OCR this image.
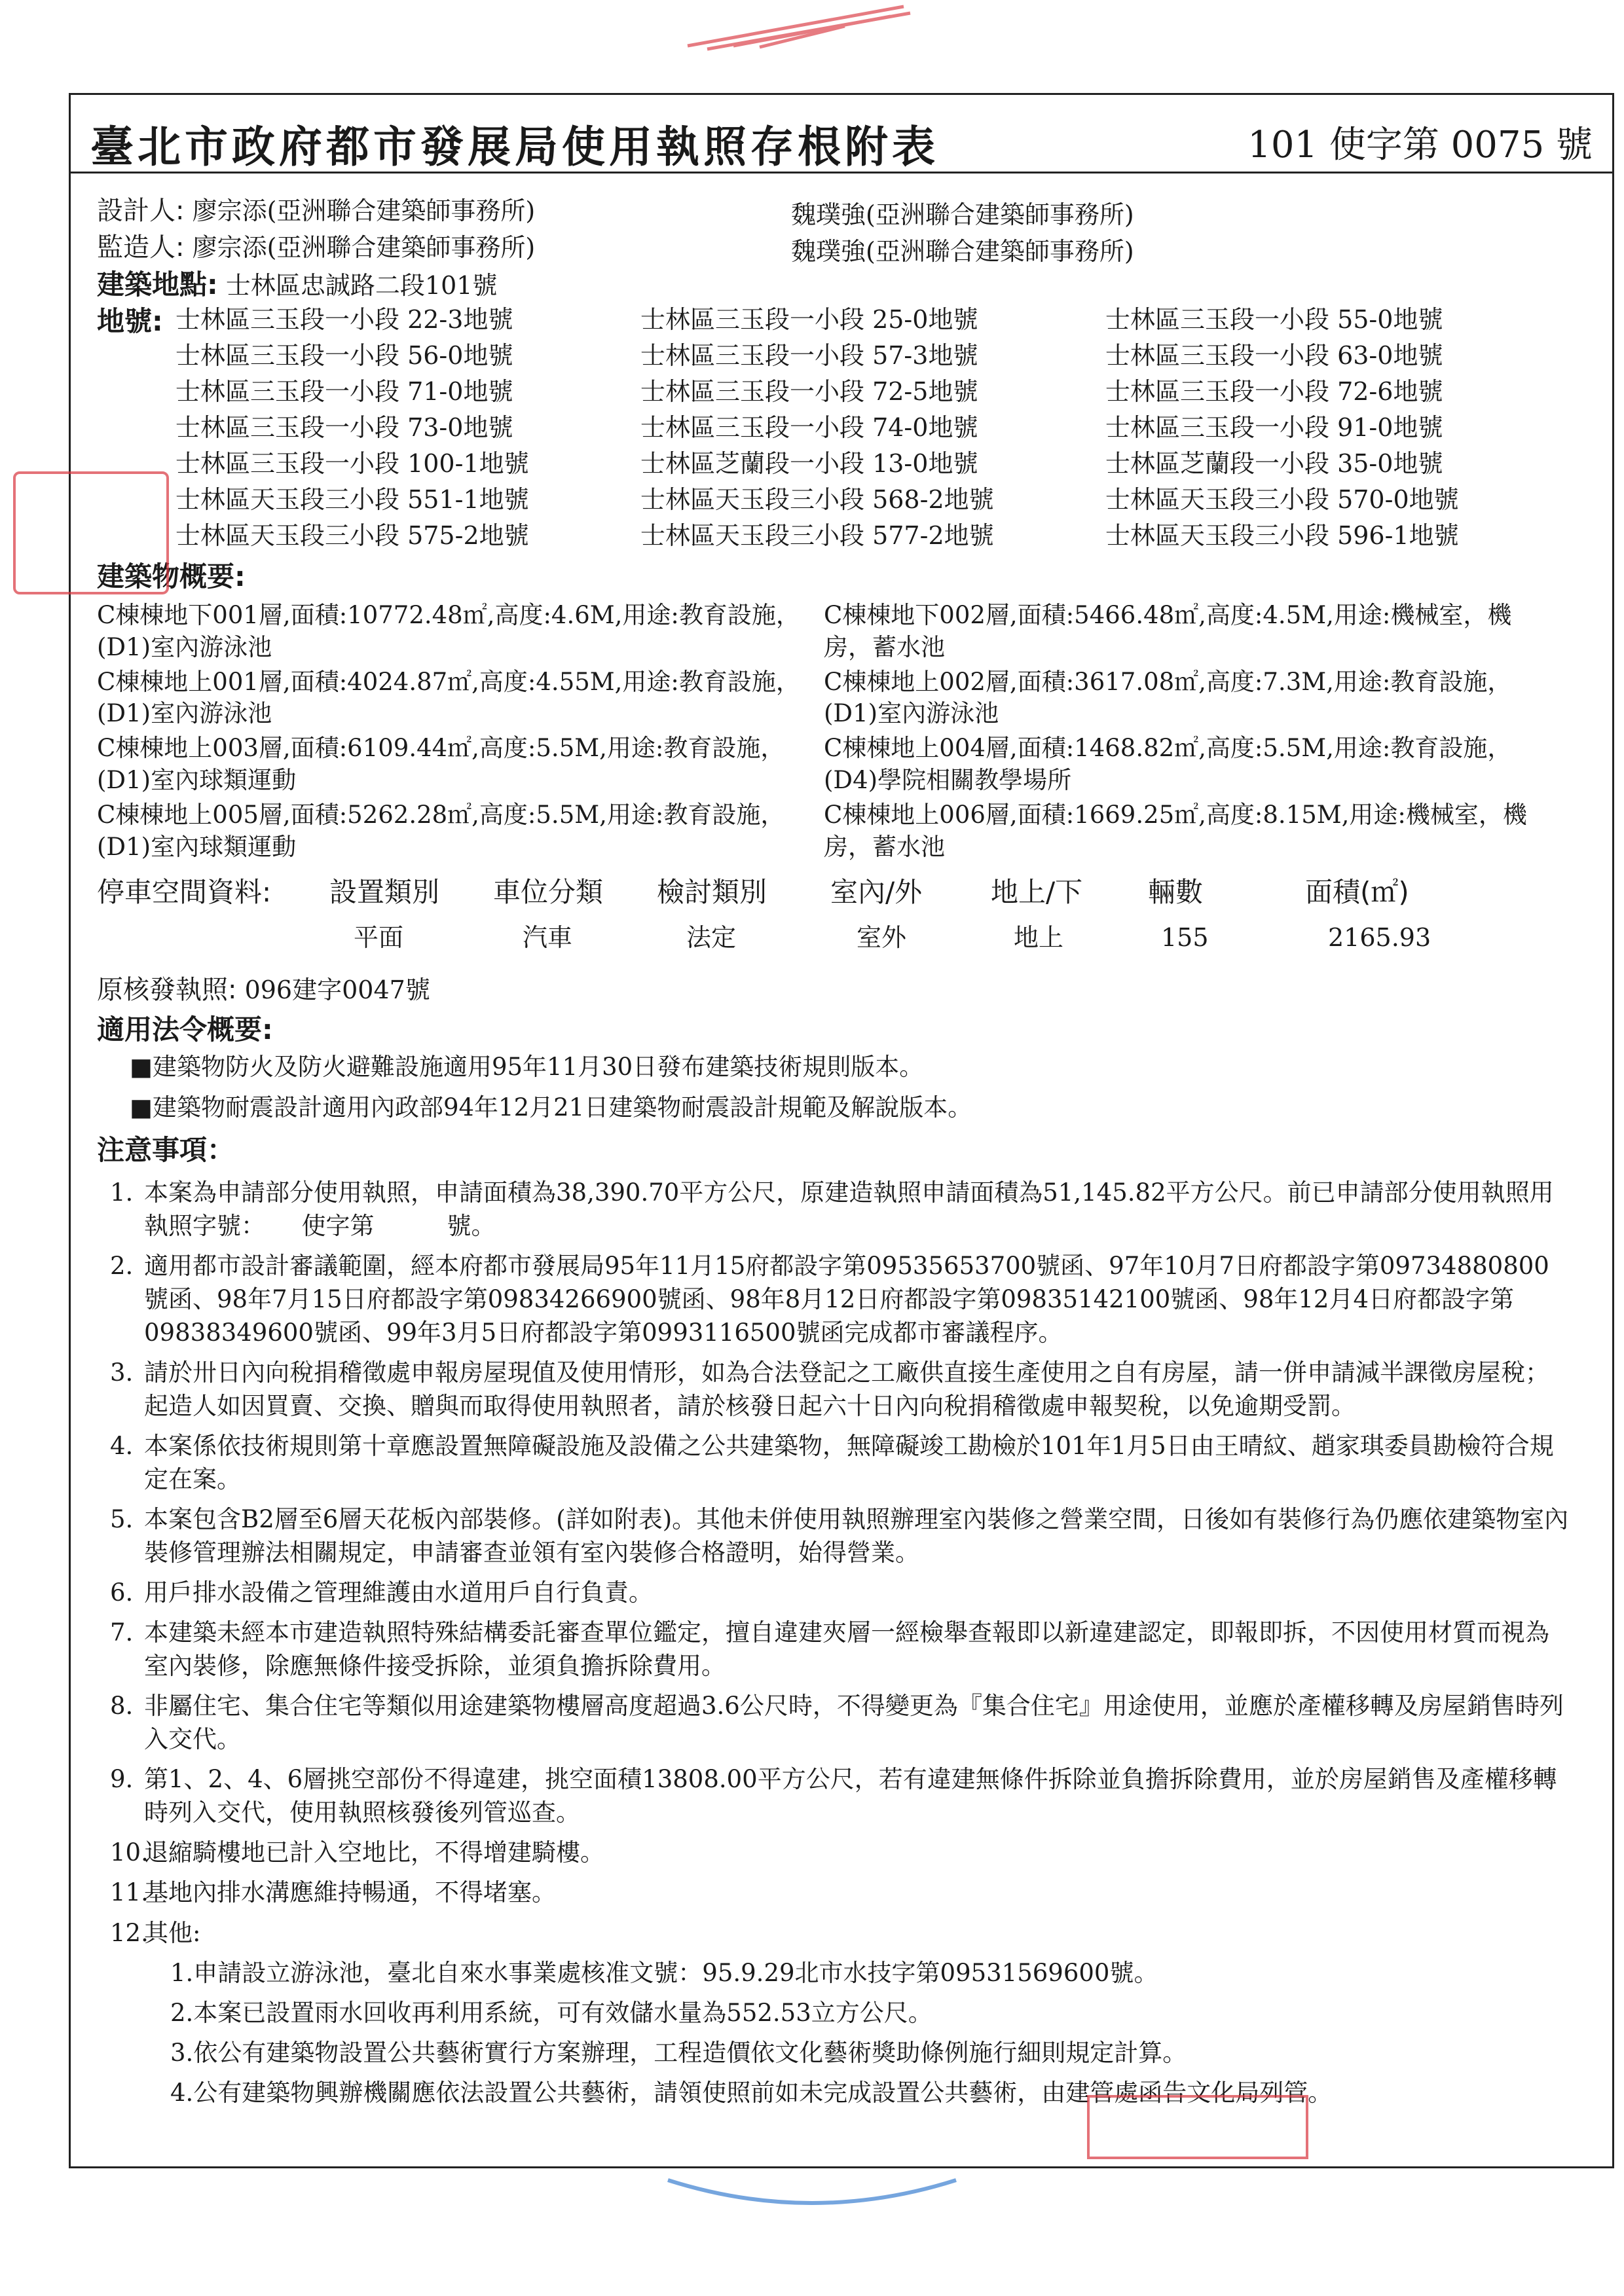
臺北市政府都市發展局使用執照存根附表	101 使字第 0075 號
設計人: 廖宗添(亞洲聯合建築師事務所)	魏璞強(亞洲聯合建築師事務所)
監造人: 廖宗添(亞洲聯合建築師事務所)	魏璞強(亞洲聯合建築師事務所)
建築地點: 士林區忠誠路二段101號
地號: 士林區三玉段一小段 22-3地號	士林區三玉段一小段 25-0地號	士林區三玉段一小段 55-0地號
士林區三玉段一小段 56-0地號	士林區三玉段一小段 57-3地號	士林區三玉段一小段 63-0地號
士林區三玉段一小段 71-0地號	士林區三玉段一小段 72-5地號	士林區三玉段一小段 72-6地號
士林區三玉段一小段 73-0地號	士林區三玉段一小段 74-0地號	士林區三玉段一小段 91-0地號
士林區三玉段一小段 100-1地號	士林區芝蘭段一小段 13-0地號	士林區芝蘭段一小段 35-0地號
士林區天玉段三小段 551-1地號	士林區天玉段三小段 568-2地號	士林區天玉段三小段 570-0地號
士林區天玉段三小段 575-2地號	士林區天玉段三小段 577-2地號	士林區天玉段三小段 596-1地號
建築物概要:
C棟棟地下001層,面積:10772.48㎡,高度:4.6M,用途:教育設施，(D1)室內游泳池
C棟棟地下002層,面積:5466.48㎡,高度:4.5M,用途:機械室，機房，蓄水池
C棟棟地上001層,面積:4024.87㎡,高度:4.55M,用途:教育設施，(D1)室內游泳池
C棟棟地上002層,面積:3617.08㎡,高度:7.3M,用途:教育設施，(D1)室內游泳池
C棟棟地上003層,面積:6109.44㎡,高度:5.5M,用途:教育設施，(D1)室內球類運動
C棟棟地上004層,面積:1468.82㎡,高度:5.5M,用途:教育設施，(D4)學院相關教學場所
C棟棟地上005層,面積:5262.28㎡,高度:5.5M,用途:教育設施，(D1)室內球類運動
C棟棟地上006層,面積:1669.25㎡,高度:8.15M,用途:機械室，機房，蓄水池
停車空間資料: 設置類別 車位分類 檢討類別 室內/外 地上/下 輛數	面積(㎡)
平面	汽車	法定	室外	地上	155	2165.93
原核發執照: 096建字0047號
適用法令概要:
■建築物防火及防火避難設施適用95年11月30日發布建築技術規則版本。
■建築物耐震設計適用內政部94年12月21日建築物耐震設計規範及解說版本。
注意事項：
1. 本案為申請部分使用執照，申請面積為38,390.70平方公尺，原建造執照申請面積為51,145.82平方公尺。前已申請部分使用執照用執照字號：　　使字第　　　號。
2. 適用都市設計審議範圍，經本府都市發展局95年11月15府都設字第09535653700號函、97年10月7日府都設字第09734880800號函、98年7月15日府都設字第09834266900號函、98年8月12日府都設字第09835142100號函、98年12月4日府都設字第09838349600號函、99年3月5日府都設字第0993116500號函完成都市審議程序。
3. 請於卅日內向稅捐稽徵處申報房屋現值及使用情形，如為合法登記之工廠供直接生產使用之自有房屋，請一併申請減半課徵房屋稅；起造人如因買賣、交換、贈與而取得使用執照者，請於核發日起六十日內向稅捐稽徵處申報契稅，以免逾期受罰。
4. 本案係依技術規則第十章應設置無障礙設施及設備之公共建築物，無障礙竣工勘檢於101年1月5日由王晴紋、趙家琪委員勘檢符合規定在案。
5. 本案包含B2層至6層天花板內部裝修。(詳如附表)。其他未併使用執照辦理室內裝修之營業空間，日後如有裝修行為仍應依建築物室內裝修管理辦法相關規定，申請審查並領有室內裝修合格證明，始得營業。
6. 用戶排水設備之管理維護由水道用戶自行負責。
7. 本建築未經本市建造執照特殊結構委託審查單位鑑定，擅自違建夾層一經檢舉查報即以新違建認定，即報即拆，不因使用材質而視為室內裝修，除應無條件接受拆除，並須負擔拆除費用。
8. 非屬住宅、集合住宅等類似用途建築物樓層高度超過3.6公尺時，不得變更為『集合住宅』用途使用，並應於產權移轉及房屋銷售時列入交代。
9. 第1、2、4、6層挑空部份不得違建，挑空面積13808.00平方公尺，若有違建無條件拆除並負擔拆除費用，並於房屋銷售及產權移轉時列入交代，使用執照核發後列管巡查。
10.
退縮騎樓地已計入空地比，不得增建騎樓。
11.
基地內排水溝應維持暢通，不得堵塞。
12.
其他:
1.申請設立游泳池，臺北自來水事業處核准文號：95.9.29北市水技字第09531569600號。
2.本案已設置雨水回收再利用系統，可有效儲水量為552.53立方公尺。
3.依公有建築物設置公共藝術實行方案辦理，工程造價依文化藝術獎助條例施行細則規定計算。
4.公有建築物興辦機關應依法設置公共藝術，請領使照前如未完成設置公共藝術，由建管處函告文化局列管。
